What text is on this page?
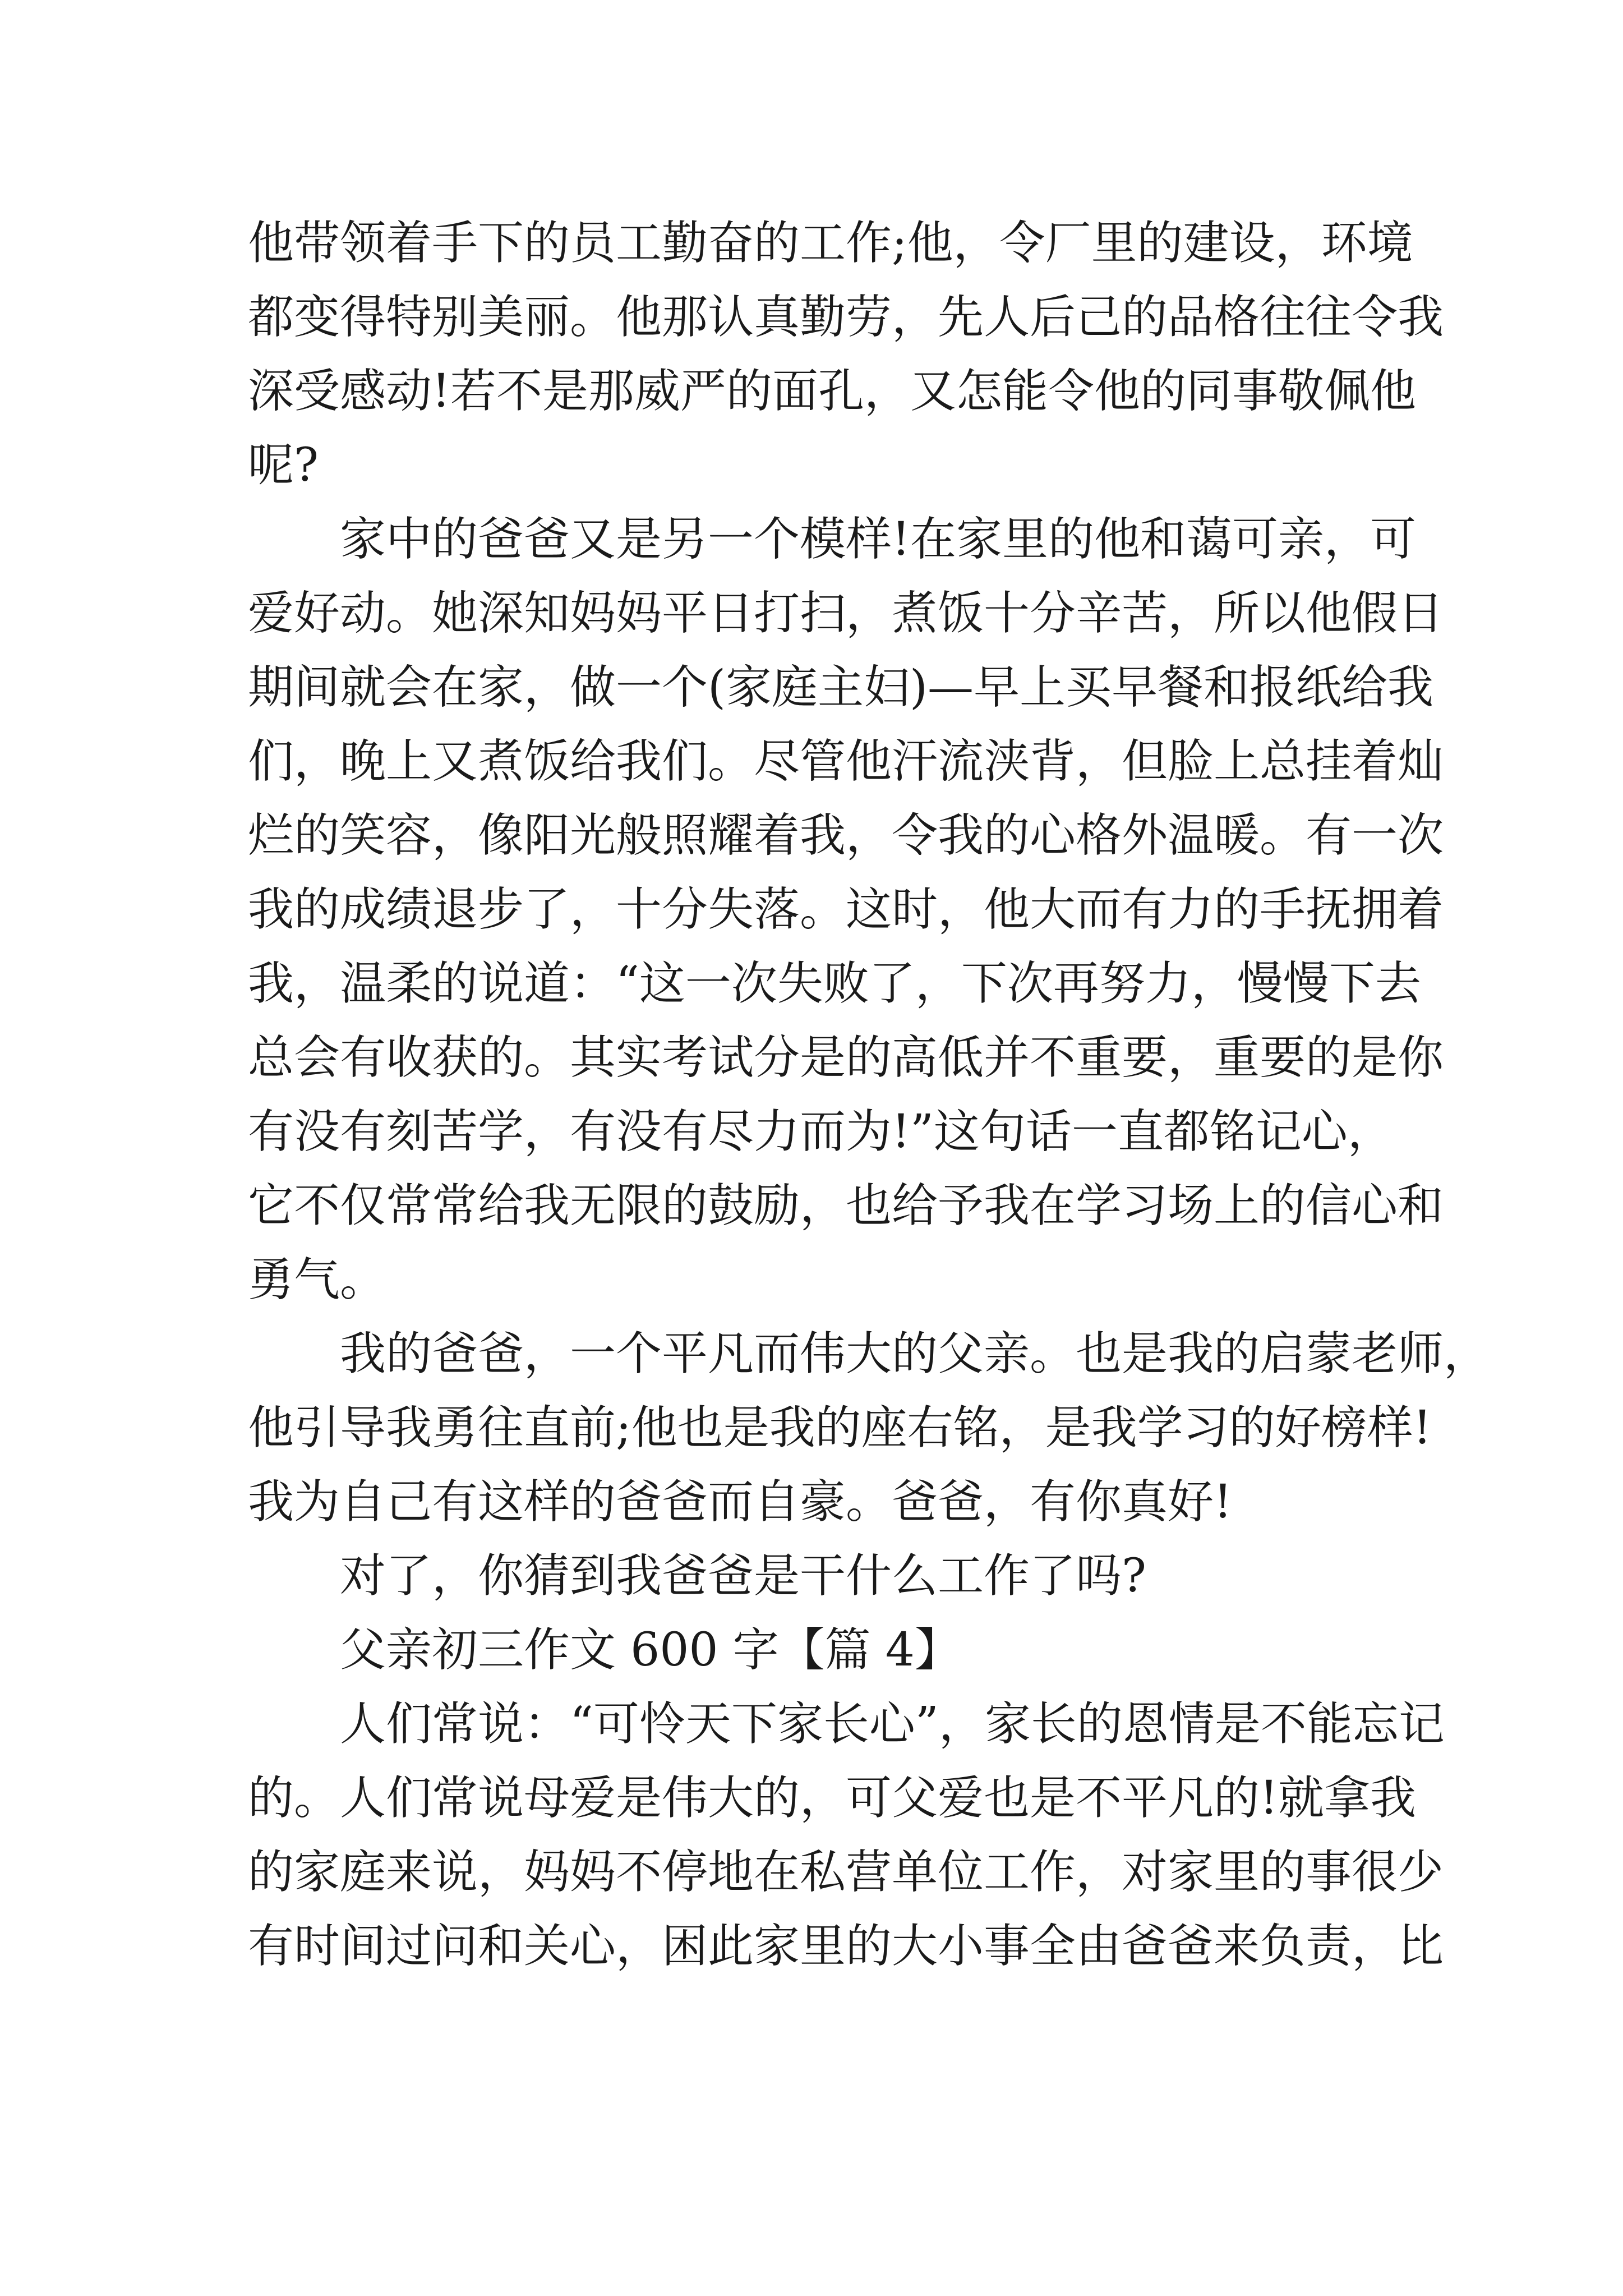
他带领着手下的员工勤奋的工作;他，令厂里的建设，环境
都变得特别美丽。他那认真勤劳，先人后己的品格往往令我
深受感动!若不是那威严的面孔，又怎能令他的同事敬佩他
呢?
家中的爸爸又是另一个模样!在家里的他和蔼可亲，可
爱好动。她深知妈妈平日打扫，煮饭十分辛苦，所以他假日
期间就会在家，做一个(家庭主妇)—早上买早餐和报纸给我
们，晚上又煮饭给我们。尽管他汗流浃背，但脸上总挂着灿
烂的笑容，像阳光般照耀着我，令我的心格外温暖。有一次
我的成绩退步了，十分失落。这时，他大而有力的手抚拥着
我，温柔的说道：“这一次失败了，下次再努力，慢慢下去
总会有收获的。其实考试分是的高低并不重要，重要的是你
有没有刻苦学，有没有尽力而为!”这句话一直都铭记心，
它不仅常常给我无限的鼓励，也给予我在学习场上的信心和
勇气。
我的爸爸，一个平凡而伟大的父亲。也是我的启蒙老师，
他引导我勇往直前;他也是我的座右铭，是我学习的好榜样!
我为自己有这样的爸爸而自豪。爸爸，有你真好!
对了，你猜到我爸爸是干什么工作了吗?
父亲初三作文 600 字【篇 4】
人们常说：“可怜天下家长心”，家长的恩情是不能忘记
的。人们常说母爱是伟大的，可父爱也是不平凡的!就拿我
的家庭来说，妈妈不停地在私营单位工作，对家里的事很少
有时间过问和关心，困此家里的大小事全由爸爸来负责，比
